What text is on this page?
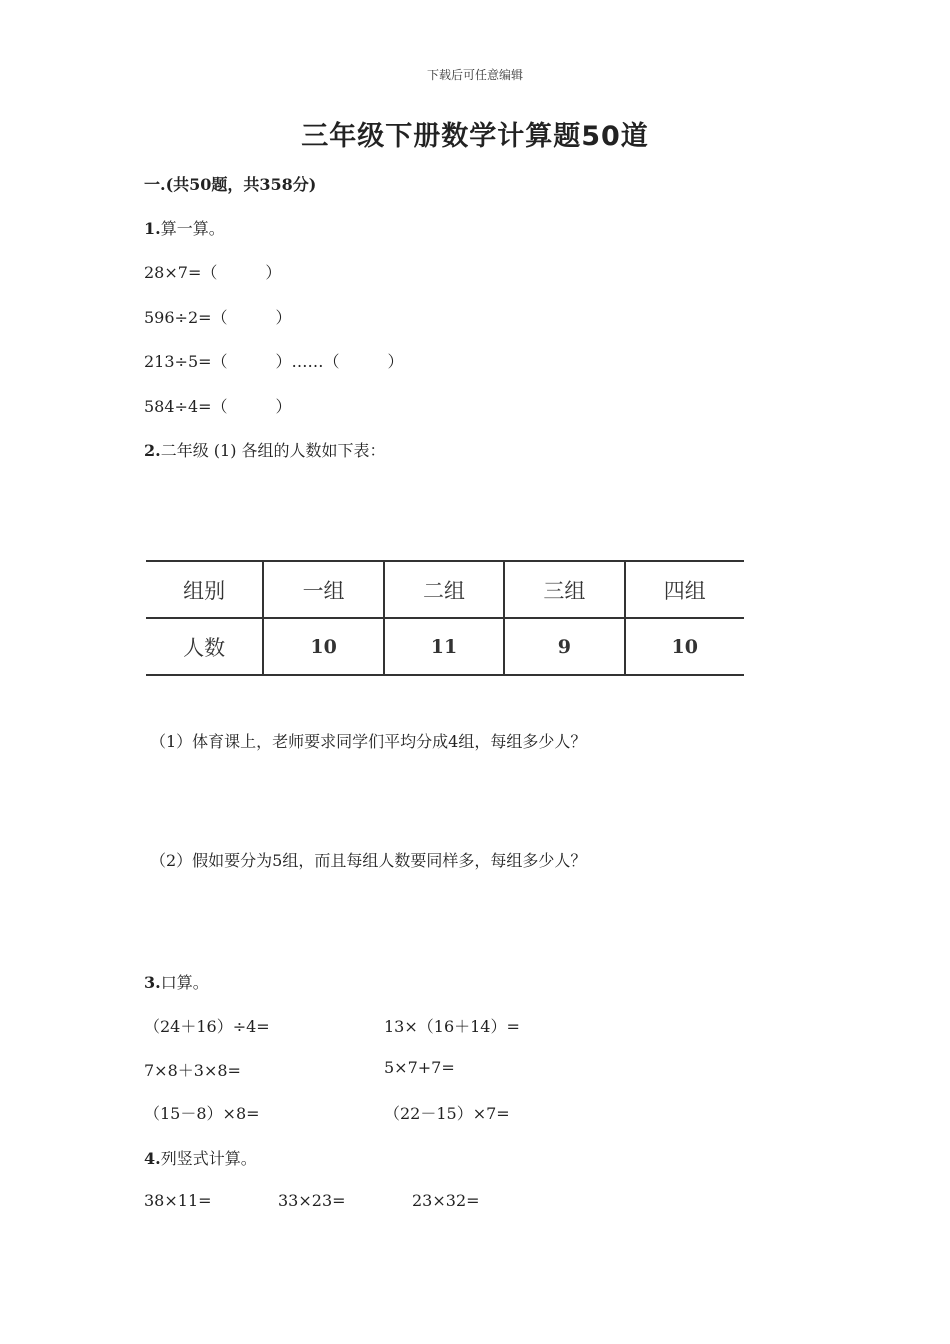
下载后可任意编辑
三年级下册数学计算题50道
一.(共50题，共358分)
1.算一算。
28×7=（　　　）
596÷2=（　　　）
213÷5=（　　　）……（　　　）
584÷4=（　　　）
2.二年级 (1) 各组的人数如下表：
组别	一组	二组	三组	四组
人数	10	11	9	10
（1）体育课上，老师要求同学们平均分成4组，每组多少人？
（2）假如要分为5组，而且每组人数要同样多，每组多少人？
3.口算。
（24＋16）÷4=	13×（16＋14）=
7×8＋3×8=	5×7+7=
（15－8）×8=	（22－15）×7=
4.列竖式计算。
38×11=	33×23=	23×32=
